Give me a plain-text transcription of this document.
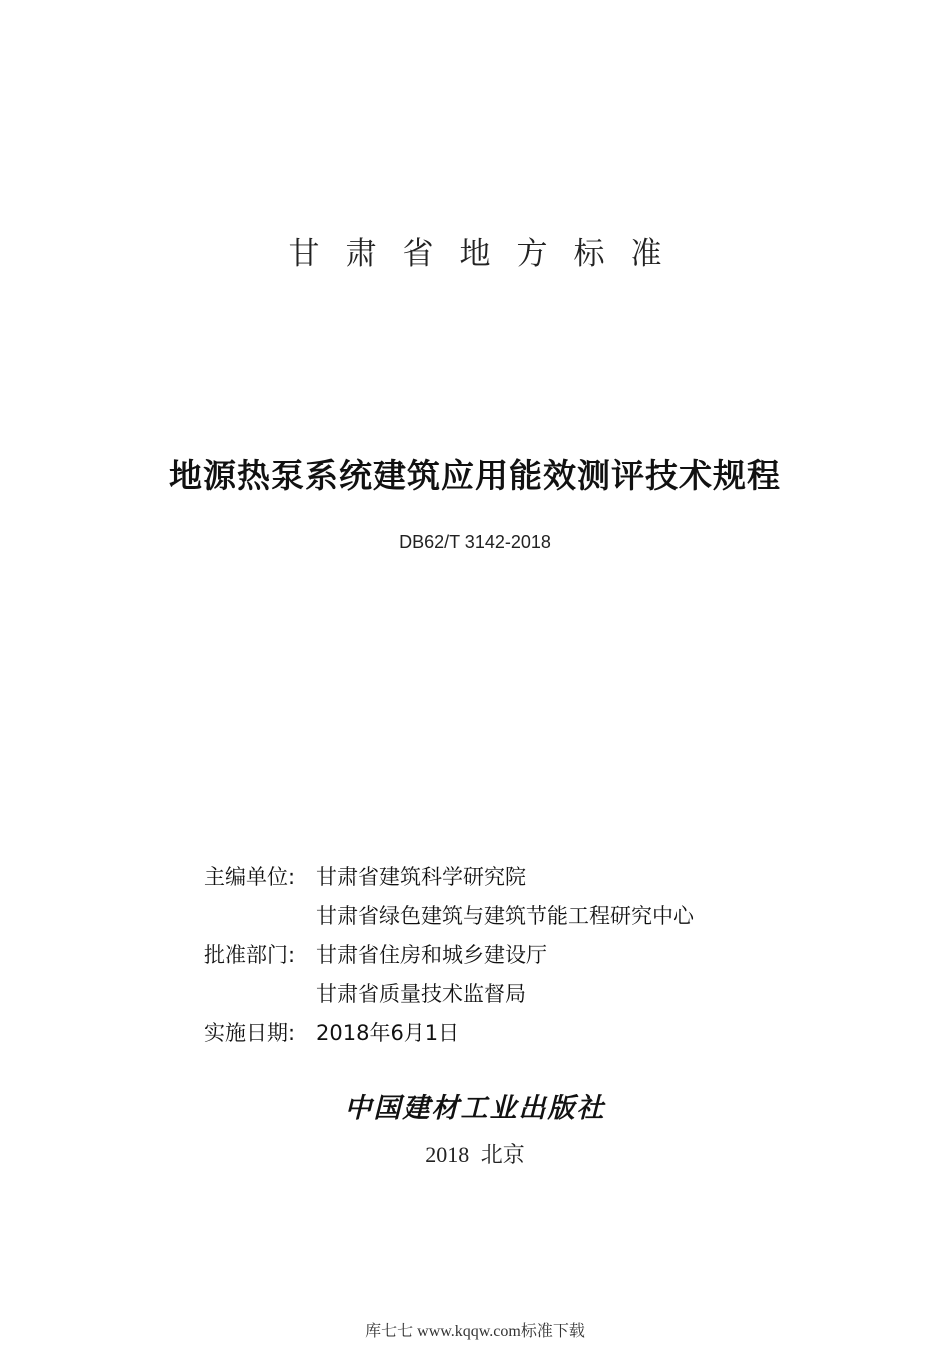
甘肃省地方标准
地源热泵系统建筑应用能效测评技术规程
DB62/T 3142-2018
主编单位: 甘肃省建筑科学研究院
甘肃省绿色建筑与建筑节能工程研究中心
批准部门: 甘肃省住房和城乡建设厅
甘肃省质量技术监督局
实施日期: 2018年6月1日
中国建材工业出版社
2018 北京
库七七 www.kqqw.com标准下载
